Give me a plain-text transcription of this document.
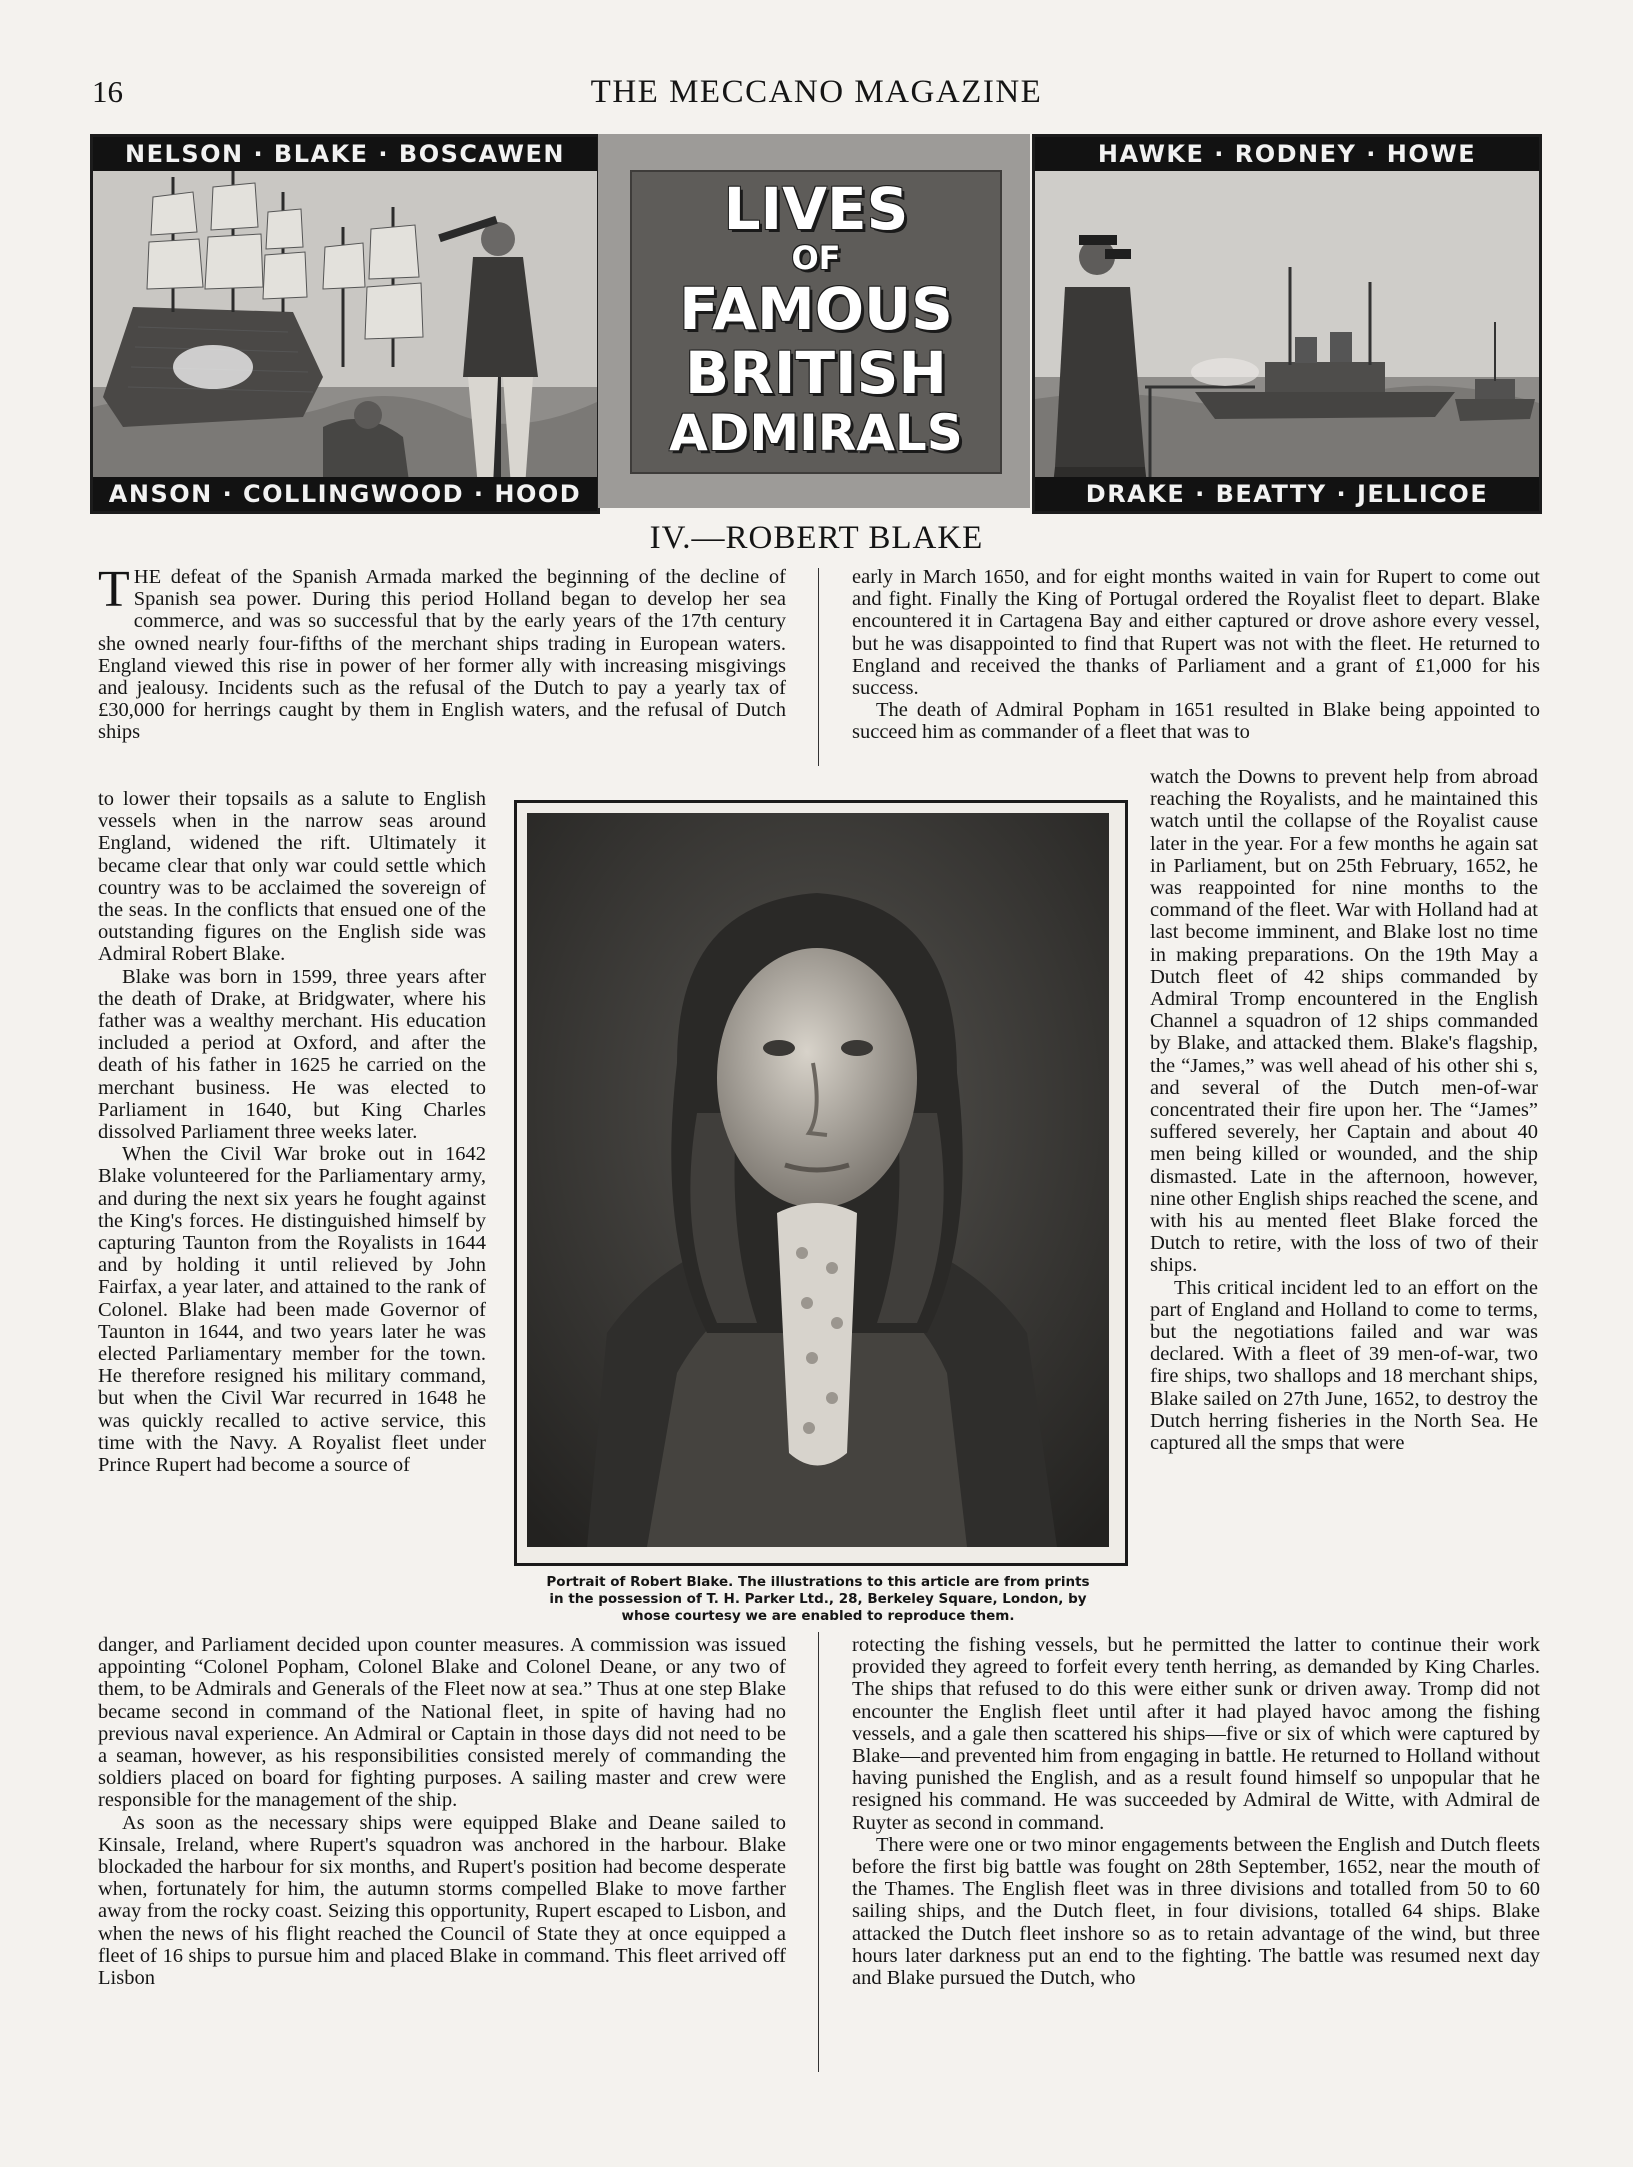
16	THE MECCANO MAGAZINE
NELSON · BLAKE · BOSCAWEN
ANSON · COLLINGWOOD · HOOD
LIVES
OF
FAMOUS
BRITISH
ADMIRALS
HAWKE · RODNEY · HOWE
DRAKE · BEATTY · JELLICOE
IV.—ROBERT BLAKE

THE defeat of the Spanish Armada marked the beginning of the decline of Spanish sea power. During this period Holland began to develop her sea commerce, and was so successful that by the early years of the 17th century she owned nearly four-fifths of the merchant ships trading in European waters. England viewed this rise in power of her former ally with increasing misgivings and jealousy. Incidents such as the refusal of the Dutch to pay a yearly tax of £30,000 for herrings caught by them in English waters, and the refusal of Dutch ships

early in March 1650, and for eight months waited in vain for Rupert to come out and fight. Finally the King of Portugal ordered the Royalist fleet to depart. Blake encountered it in Cartagena Bay and either captured or drove ashore every vessel, but he was disappointed to find that Rupert was not with the fleet. He returned to England and received the thanks of Parliament and a grant of £1,000 for his success.

The death of Admiral Popham in 1651 resulted in Blake being appointed to succeed him as commander of a fleet that was to

to lower their topsails as a salute to English vessels when in the narrow seas around England, widened the rift. Ultimately it became clear that only war could settle which country was to be acclaimed the sovereign of the seas. In the conflicts that ensued one of the outstanding figures on the English side was Admiral Robert Blake.

Blake was born in 1599, three years after the death of Drake, at Bridgwater, where his father was a wealthy merchant. His education included a period at Oxford, and after the death of his father in 1625 he carried on the merchant business. He was elected to Parliament in 1640, but King Charles dissolved Parliament three weeks later.

When the Civil War broke out in 1642 Blake volunteered for the Parliamentary army, and during the next six years he fought against the King's forces. He distinguished himself by capturing Taunton from the Royalists in 1644 and by holding it until relieved by John Fairfax, a year later, and attained to the rank of Colonel. Blake had been made Governor of Taunton in 1644, and two years later he was elected Parliamentary member for the town. He therefore resigned his military command, but when the Civil War recurred in 1648 he was quickly recalled to active service, this time with the Navy. A Royalist fleet under Prince Rupert had become a source of

Portrait of Robert Blake. The illustrations to this article are from prints
in the possession of T. H. Parker Ltd., 28, Berkeley Square, London, by
whose courtesy we are enabled to reproduce them.

watch the Downs to prevent help from abroad reaching the Royalists, and he maintained this watch until the collapse of the Royalist cause later in the year. For a few months he again sat in Parliament, but on 25th February, 1652, he was reappointed for nine months to the command of the fleet. War with Holland had at last become imminent, and Blake lost no time in making preparations. On the 19th May a Dutch fleet of 42 ships commanded by Admiral Tromp encountered in the English Channel a squadron of 12 ships commanded by Blake, and attacked them. Blake's flagship, the “James,” was well ahead of his other shi s, and several of the Dutch men-of-war concentrated their fire upon her. The “James” suffered severely, her Captain and about 40 men being killed or wounded, and the ship dismasted. Late in the afternoon, however, nine other English ships reached the scene, and with his au mented fleet Blake forced the Dutch to retire, with the loss of two of their ships.

This critical incident led to an effort on the part of England and Holland to come to terms, but the negotiations failed and war was declared. With a fleet of 39 men-of-war, two fire ships, two shallops and 18 merchant ships, Blake sailed on 27th June, 1652, to destroy the Dutch herring fisheries in the North Sea. He captured all the smps that were

danger, and Parliament decided upon counter measures. A commission was issued appointing “Colonel Popham, Colonel Blake and Colonel Deane, or any two of them, to be Admirals and Generals of the Fleet now at sea.” Thus at one step Blake became second in command of the National fleet, in spite of having had no previous naval experience. An Admiral or Captain in those days did not need to be a seaman, however, as his responsibilities consisted merely of commanding the soldiers placed on board for fighting purposes. A sailing master and crew were responsible for the management of the ship.

As soon as the necessary ships were equipped Blake and Deane sailed to Kinsale, Ireland, where Rupert's squadron was anchored in the harbour. Blake blockaded the harbour for six months, and Rupert's position had become desperate when, fortunately for him, the autumn storms compelled Blake to move farther away from the rocky coast. Seizing this opportunity, Rupert escaped to Lisbon, and when the news of his flight reached the Council of State they at once equipped a fleet of 16 ships to pursue him and placed Blake in command. This fleet arrived off Lisbon

rotecting the fishing vessels, but he permitted the latter to continue their work provided they agreed to forfeit every tenth herring, as demanded by King Charles. The ships that refused to do this were either sunk or driven away. Tromp did not encounter the English fleet until after it had played havoc among the fishing vessels, and a gale then scattered his ships—five or six of which were captured by Blake—and prevented him from engaging in battle. He returned to Holland without having punished the English, and as a result found himself so unpopular that he resigned his command. He was succeeded by Admiral de Witte, with Admiral de Ruyter as second in command.

There were one or two minor engagements between the English and Dutch fleets before the first big battle was fought on 28th September, 1652, near the mouth of the Thames. The English fleet was in three divisions and totalled from 50 to 60 sailing ships, and the Dutch fleet, in four divisions, totalled 64 ships. Blake attacked the Dutch fleet inshore so as to retain advantage of the wind, but three hours later darkness put an end to the fighting. The battle was resumed next day and Blake pursued the Dutch, who
